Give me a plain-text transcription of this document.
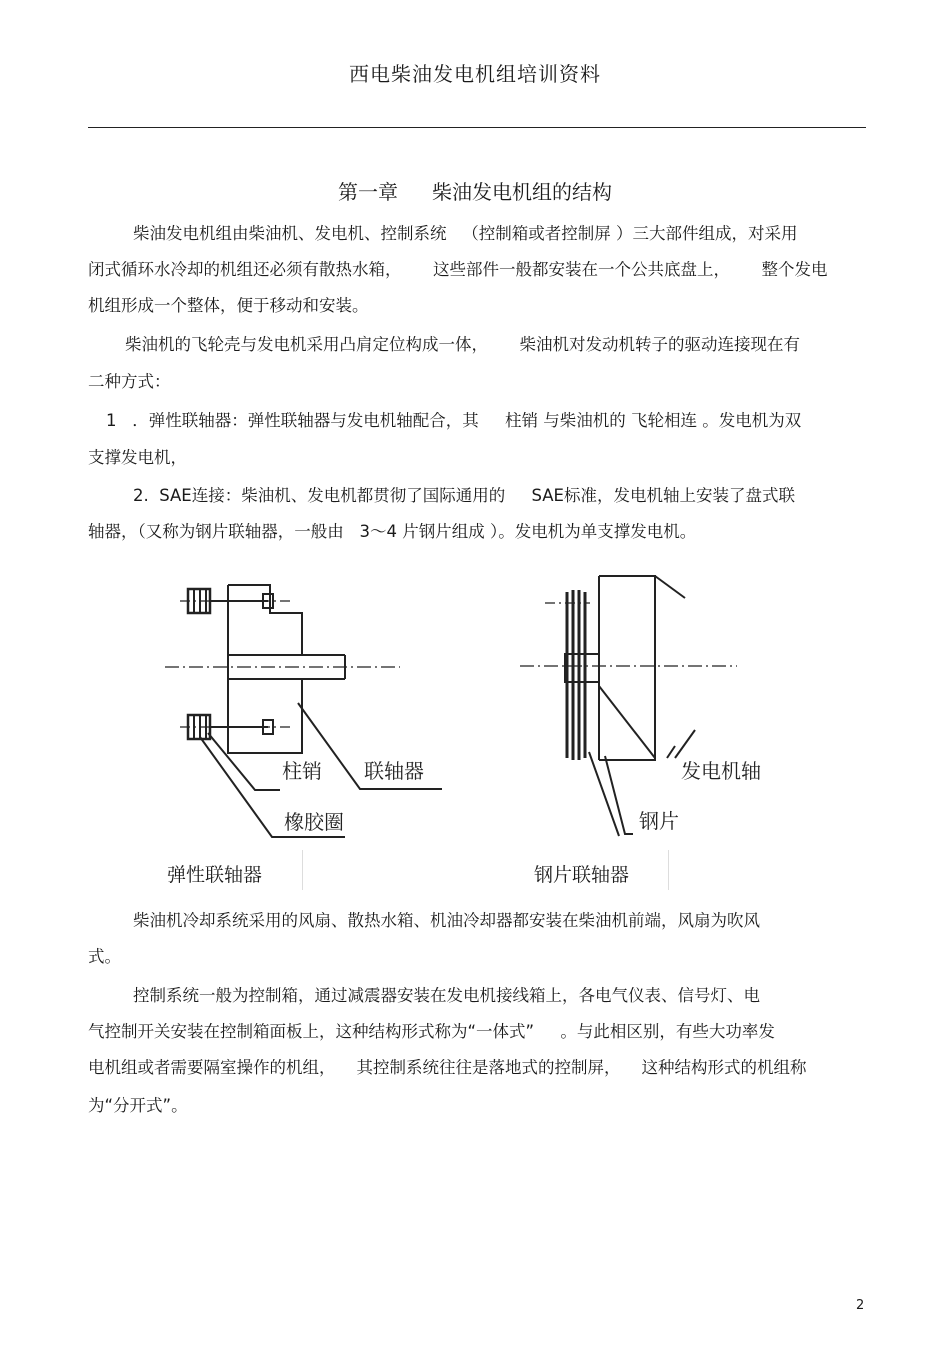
西电柴油发电机组培训资料
第一章 柴油发电机组的结构
柴油发电机组由柴油机、发电机、控制系统   （控制箱或者控制屏 ）三大部件组成，对采用
闭式循环水冷却的机组还必须有散热水箱，      这些部件一般都安装在一个公共底盘上，      整个发电
机组形成一个整体，便于移动和安装。
柴油机的飞轮壳与发电机采用凸肩定位构成一体，      柴油机对发动机转子的驱动连接现在有
二种方式：
1   ．弹性联轴器：弹性联轴器与发电机轴配合，其     柱销 与柴油机的 飞轮相连 。发电机为双
支撑发电机，
2.  SAE连接：柴油机、发电机都贯彻了国际通用的     SAE标准，发电机轴上安装了盘式联
轴器，（又称为钢片联轴器，一般由   3～4 片钢片组成 ）。发电机为单支撑发电机。
柱销 联轴器
橡胶圈
发电机轴
钢片
弹性联轴器	钢片联轴器
柴油机冷却系统采用的风扇、散热水箱、机油冷却器都安装在柴油机前端，风扇为吹风
式。
控制系统一般为控制箱，通过减震器安装在发电机接线箱上，各电气仪表、信号灯、电
气控制开关安装在控制箱面板上，这种结构形式称为“一体式”     。与此相区别，有些大功率发
电机组或者需要隔室操作的机组，    其控制系统往往是落地式的控制屏，    这种结构形式的机组称
为“分开式”。
2
